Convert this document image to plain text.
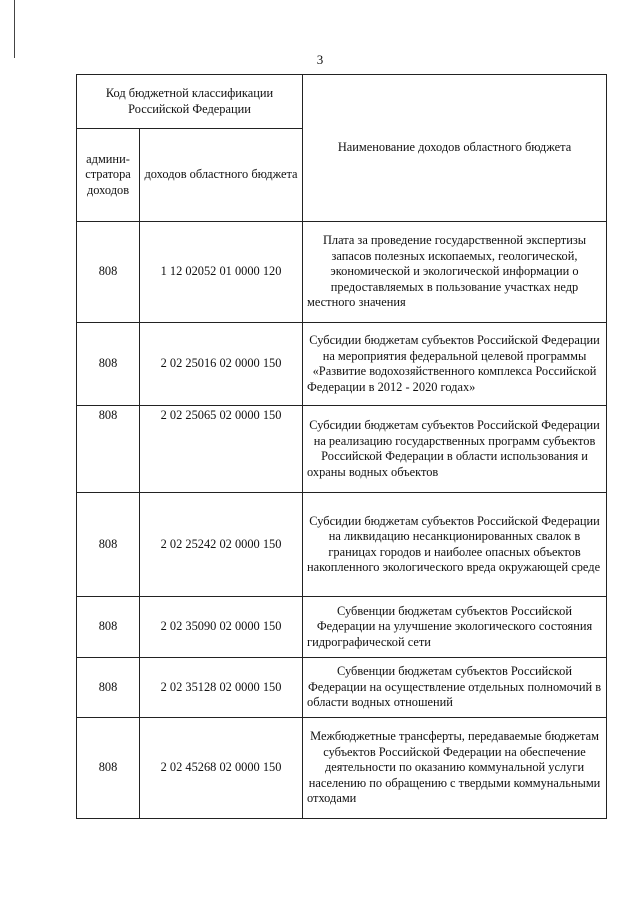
3
Код бюджетной классификации Российской Федерации		Наименование доходов областного бюджета
админи-стратора доходов	доходов областного бюджета	
808	1 12 02052 01 0000 120	Плата за проведение государственной экспертизы запасов полезных ископаемых, геологической, экономической и экологической информации о предоставляемых в пользование участках недр местного значения
808	2 02 25016 02 0000 150	Субсидии бюджетам субъектов Российской Федерации на мероприятия федеральной целевой программы «Развитие водохозяйственного комплекса Российской Федерации в 2012 - 2020 годах»
808	2 02 25065 02 0000 150	Субсидии бюджетам субъектов Российской Федерации на реализацию государственных программ субъектов Российской Федерации в области использования и охраны водных объектов
808	2 02 25242 02 0000 150	Субсидии бюджетам субъектов Российской Федерации на ликвидацию несанкционированных свалок в границах городов и наиболее опасных объектов накопленного экологического вреда окружающей среде
808	2 02 35090 02 0000 150	Субвенции бюджетам субъектов Российской Федерации на улучшение экологического состояния гидрографической сети
808	2 02 35128 02 0000 150	Субвенции бюджетам субъектов Российской Федерации на осуществление отдельных полномочий в области водных отношений
808	2 02 45268 02 0000 150	Межбюджетные трансферты, передаваемые бюджетам субъектов Российской Федерации на обеспечение деятельности по оказанию коммунальной услуги населению по обращению с твердыми коммунальными отходами
